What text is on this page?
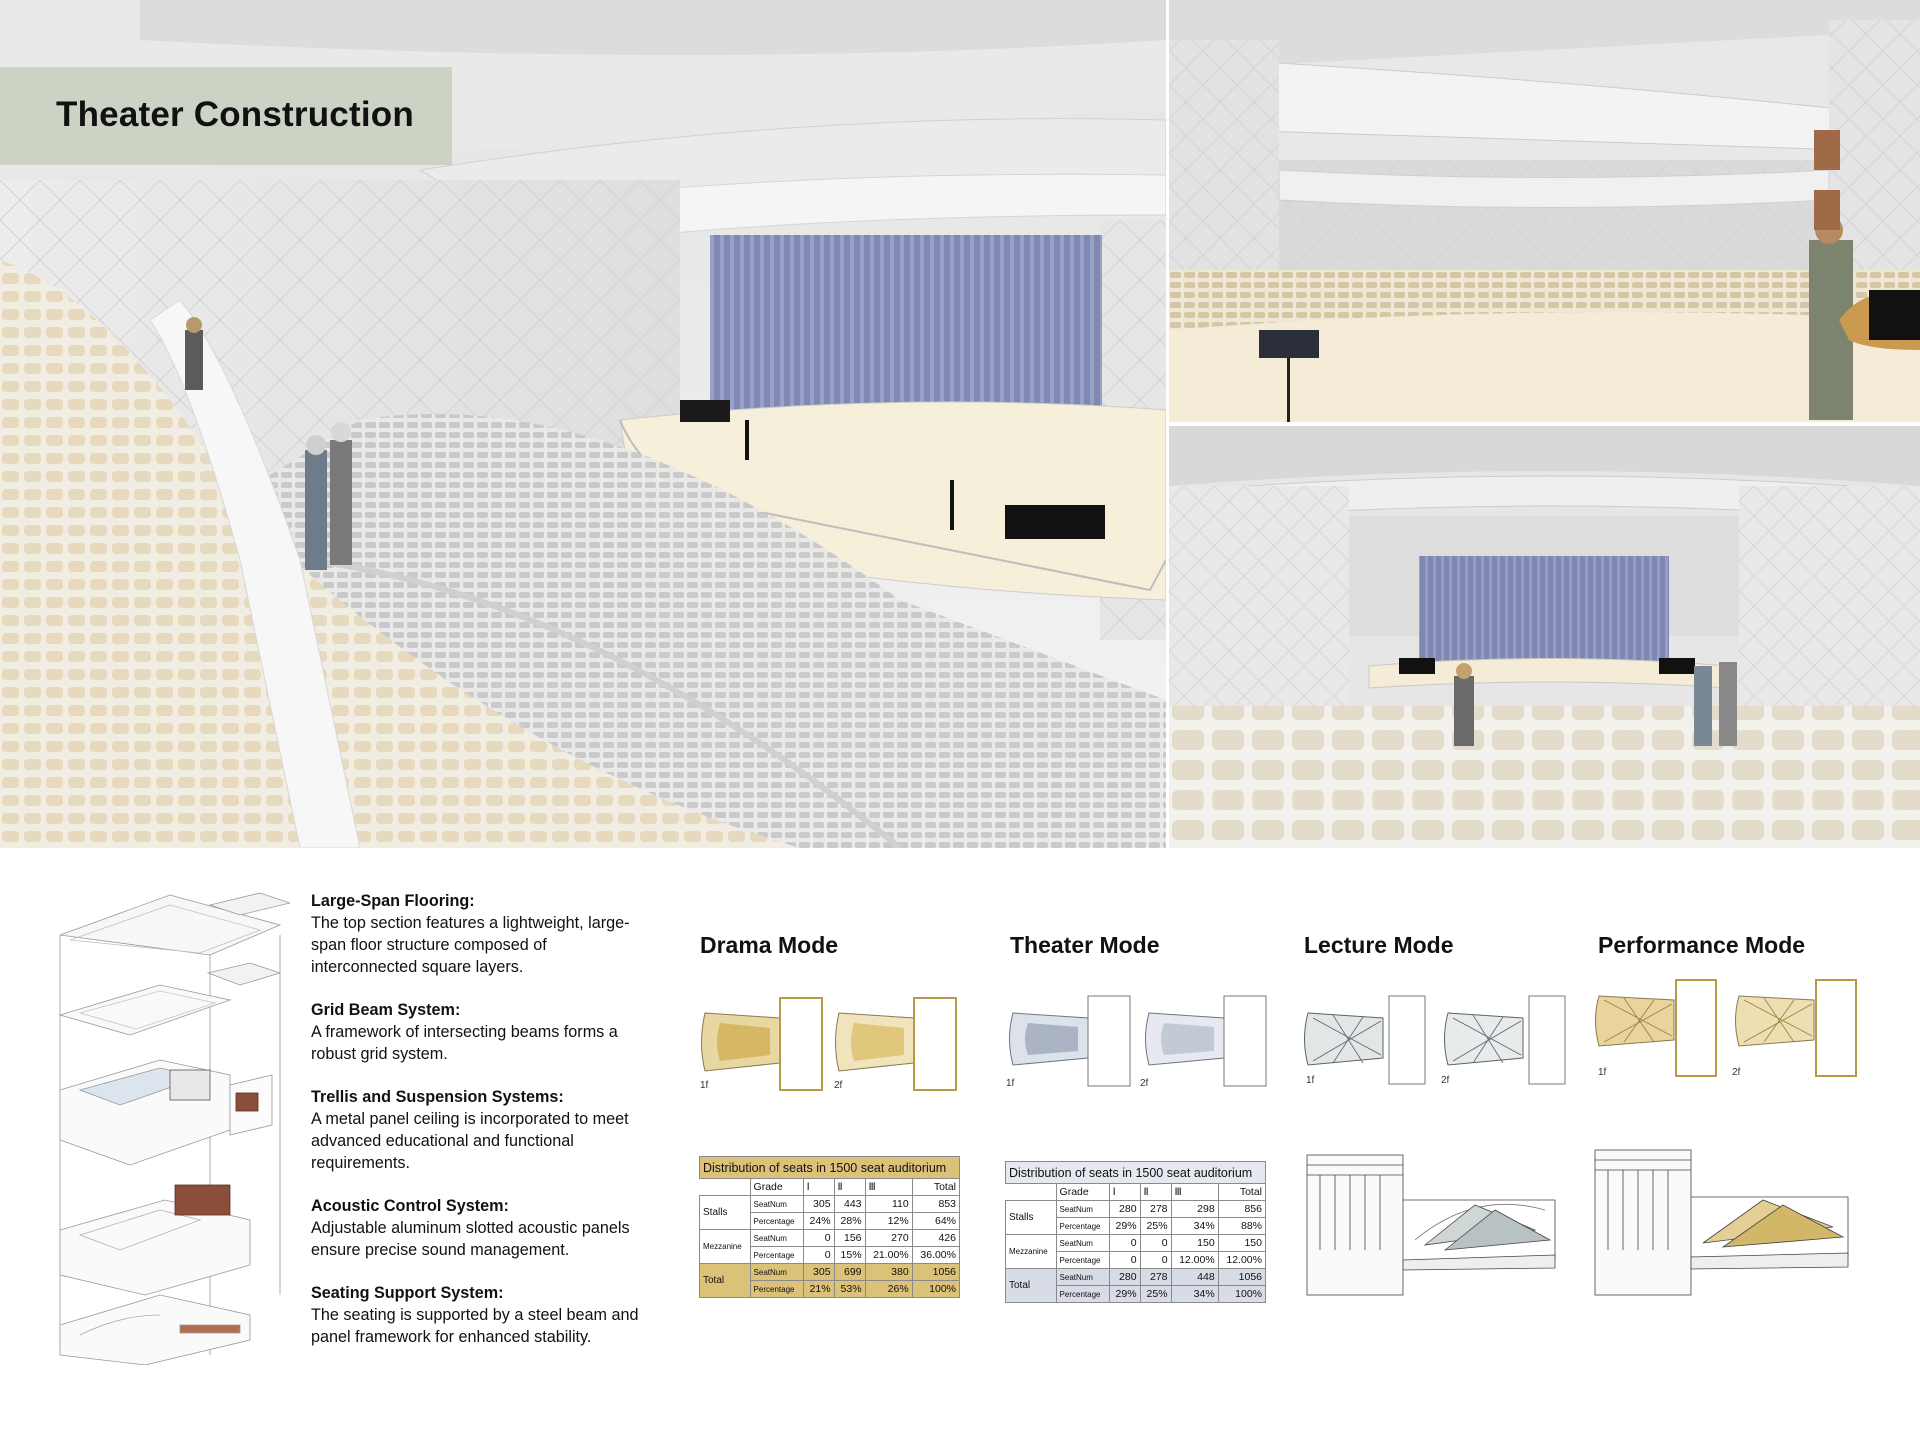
Theater Construction
Large-Span Flooring:
The top section features a lightweight, large-span floor structure composed of interconnected square layers.
Grid Beam System:
A framework of intersecting beams forms a robust grid system.
Trellis and Suspension Systems:
A metal panel ceiling is incorporated to meet advanced educational and functional requirements.
Acoustic Control System:
Adjustable aluminum slotted acoustic panels ensure precise sound management.
Seating Support System:
The seating is supported by a steel beam and panel framework for enhanced stability.
Drama Mode	Theater Mode	Lecture Mode	Performance Mode
1f	2f	1f	2f	1f	2f
1f	2f
Distribution of seats in 1500 seat auditorium					
	Grade	Ⅰ	Ⅱ	Ⅲ	Total
Stalls	SeatNum	305	443	110	853
	Percentage	24%	28%	12%	64%
Mezzanine	SeatNum	0	156	270	426
	Percentage	0	15%	21.00%	36.00%
Total	SeatNum	305	699	380	1056
	Percentage	21%	53%	26%	100%
Distribution of seats in 1500 seat auditorium					
	Grade	Ⅰ	Ⅱ	Ⅲ	Total
Stalls	SeatNum	280	278	298	856
	Percentage	29%	25%	34%	88%
Mezzanine	SeatNum	0	0	150	150
	Percentage	0	0	12.00%	12.00%
Total	SeatNum	280	278	448	1056
	Percentage	29%	25%	34%	100%
